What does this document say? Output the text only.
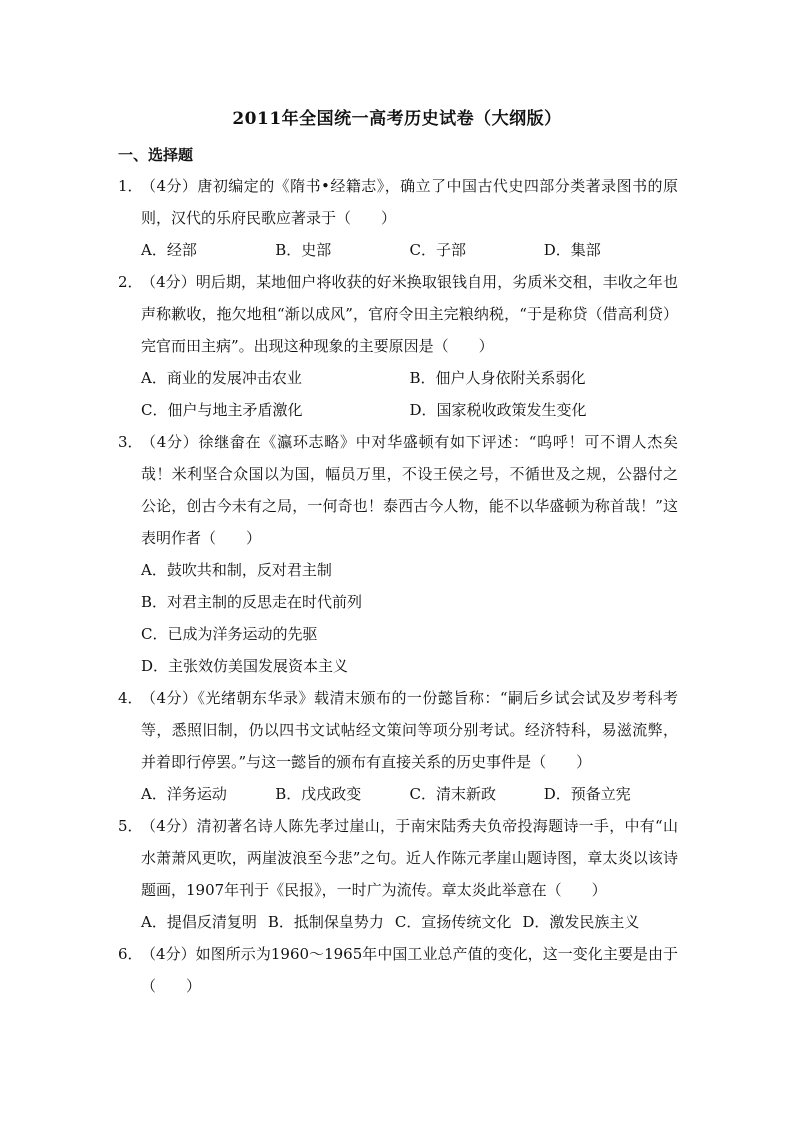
2011年全国统一高考历史试卷（大纲版）
一、选择题
1．
（4分）唐初编定的《隋书•经籍志》，确立了中国古代史四部分类著录图书的原则，汉代的乐府民歌应著录于（　　）
A．经部	B．史部	C．子部	D．集部
2．
（4分）明后期，某地佃户将收获的好米换取银钱自用，劣质米交租，丰收之年也声称歉收，拖欠地租“渐以成风”，官府令田主完粮纳税，“于是称贷（借高利贷）完官而田主病”。出现这种现象的主要原因是（　　）
A．商业的发展冲击农业	B．佃户人身依附关系弱化
C．佃户与地主矛盾激化	D．国家税收政策发生变化
3．
（4分）徐继畲在《瀛环志略》中对华盛顿有如下评述：“呜呼！可不谓人杰矣哉！米利坚合众国以为国，幅员万里，不设王侯之号，不循世及之规，公器付之公论，创古今未有之局，一何奇也！泰西古今人物，能不以华盛顿为称首哉！”这表明作者（　　）
A．鼓吹共和制，反对君主制
B．对君主制的反思走在时代前列
C．已成为洋务运动的先驱
D．主张效仿美国发展资本主义
4．
（4分）《光绪朝东华录》载清末颁布的一份懿旨称：“嗣后乡试会试及岁考科考等，悉照旧制，仍以四书文试帖经文策问等项分别考试。经济特科，易滋流弊，并着即行停罢。”与这一懿旨的颁布有直接关系的历史事件是（　　）
A．洋务运动	B．戊戌政变	C．清末新政	D．预备立宪
5．
（4分）清初著名诗人陈先孝过崖山，于南宋陆秀夫负帝投海题诗一手，中有“山水萧萧风更吹，两崖波浪至今悲”之句。近人作陈元孝崖山题诗图，章太炎以该诗题画，1907年刊于《民报》，一时广为流传。章太炎此举意在（　　）
A．提倡反清复明 B．抵制保皇势力 C．宣扬传统文化 D．激发民族主义
6．
（4分）如图所示为1960～1965年中国工业总产值的变化，这一变化主要是由于（　　）
